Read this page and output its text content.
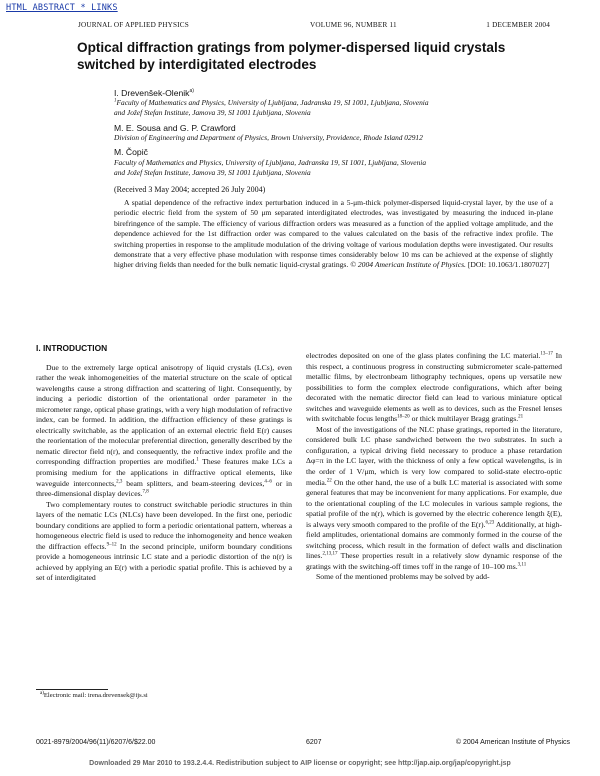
HTML ABSTRACT * LINKS
JOURNAL OF APPLIED PHYSICS	VOLUME 96, NUMBER 11	1 DECEMBER 2004
Optical diffraction gratings from polymer-dispersed liquid crystals switched by interdigitated electrodes
I. Drevenšek-Olenik$^{a)}$
$^1$Faculty of Mathematics and Physics, University of Ljubljana, Jadranska 19, SI 1001, Ljubljana, Slovenia
and Jožef Stefan Institute, Jamova 39, SI 1001 Ljubljana, Slovenia
M. E. Sousa and G. P. Crawford
Division of Engineering and Department of Physics, Brown University, Providence, Rhode Island 02912
M. Čopič
Faculty of Mathematics and Physics, University of Ljubljana, Jadranska 19, SI 1001, Ljubljana, Slovenia
and Jožef Stefan Institute, Jamova 39, SI 1001 Ljubljana, Slovenia
(Received 3 May 2004; accepted 26 July 2004)
A spatial dependence of the refractive index perturbation induced in a 5-μm-thick polymer-dispersed liquid-crystal layer, by the use of a periodic electric field from the system of 50 μm separated interdigitated electrodes, was investigated by measuring the induced in-plane birefringence of the sample. The efficiency of various diffraction orders was measured as a function of the applied voltage amplitude, and the dependence achieved for the 1st diffraction order was compared to the values calculated on the basis of the refractive index profile. The switching properties in response to the amplitude modulation of the driving voltage of various modulation depths were investigated. Our results demonstrate that a very effective phase modulation with response times considerably below 10 ms can be achieved at the expense of slightly higher driving fields than needed for the bulk nematic liquid-crystal gratings. © 2004 American Institute of Physics. [DOI: 10.1063/1.1807027]
I. INTRODUCTION

Due to the extremely large optical anisotropy of liquid crystals (LCs), even rather the weak inhomogeneities of the material structure on the scale of optical wavelengths cause a strong diffraction and scattering of light. Consequently, by inducing a periodic distortion of the orientational order parameter in the micrometer range, optical phase gratings, with a very high modulation of refractive index, can be formed. In addition, the diffraction efficiency of these gratings is electrically switchable, as the application of an external electric field E(r) causes the reorientation of the molecular preferential direction, generally described by the nematic director field n(r), and consequently, the refractive index profile and the corresponding diffraction properties are modified.$^1$ These features make LCs a promising medium for the applications in diffractive optical elements, like waveguide interconnects,$^{2,3}$ beam splitters, and beam-steering devices,$^{4-6}$ or in three-dimensional display devices.$^{7,8}$

Two complementary routes to construct switchable periodic structures in thin layers of the nematic LCs (NLCs) have been developed. In the first one, periodic boundary conditions are applied to form a periodic orientational pattern, whereas a homogeneous electric field is used to reduce the inhomogeneity and hence weaken the diffraction effects.$^{9-12}$ In the second principle, uniform boundary conditions provide a homogeneous intrinsic LC state and a periodic distortion of the n(r) is achieved by applying an E(r) with a periodic spatial profile. This is achieved by a set of interdigitated

electrodes deposited on one of the glass plates confining the LC material.$^{13-17}$ In this respect, a continuous progress in constructing submicrometer scale-patterned metallic films, by electronbeam lithography techniques, opens up versatile new possibilities to form the complex electrode configurations, which after being decorated with the nematic director field can lead to various miniature optical switches and waveguide elements as well as to devices, such as the Fresnel lenses with switchable focus lengths$^{18-20}$ or thick multilayer Bragg gratings.$^{21}$

Most of the investigations of the NLC phase gratings, reported in the literature, considered bulk LC phase sandwiched between the two substrates. In such a configuration, a typical driving field necessary to produce a phase retardation Δφ=π in the LC layer, with the thickness of only a few optical wavelengths, is in the order of 1 V/μm, which is very low compared to solid-state electro-optic media.$^{22}$ On the other hand, the use of a bulk LC material is associated with some general features that may be inconvenient for many applications. For example, due to the orientational coupling of the LC molecules in various sample regions, the spatial profile of the n(r), which is governed by the electric coherence length ξ(E), is always very smooth compared to the profile of the E(r).$^{6,23}$ Additionally, at high-field amplitudes, orientational domains are commonly formed in the course of the switching process, which result in the formation of defect walls and disclination lines.$^{2,13,17}$ These properties result in a relatively slow dynamic response of the gratings with the switching-off times τoff in the range of 10–100 ms.$^{3,11}$

Some of the mentioned problems may be solved by add-

$^{a)}$Electronic mail: irena.drevensek@ijs.si
0021-8979/2004/96(11)/6207/6/$22.00	6207	© 2004 American Institute of Physics
Downloaded 29 Mar 2010 to 193.2.4.4. Redistribution subject to AIP license or copyright; see http://jap.aip.org/jap/copyright.jsp
